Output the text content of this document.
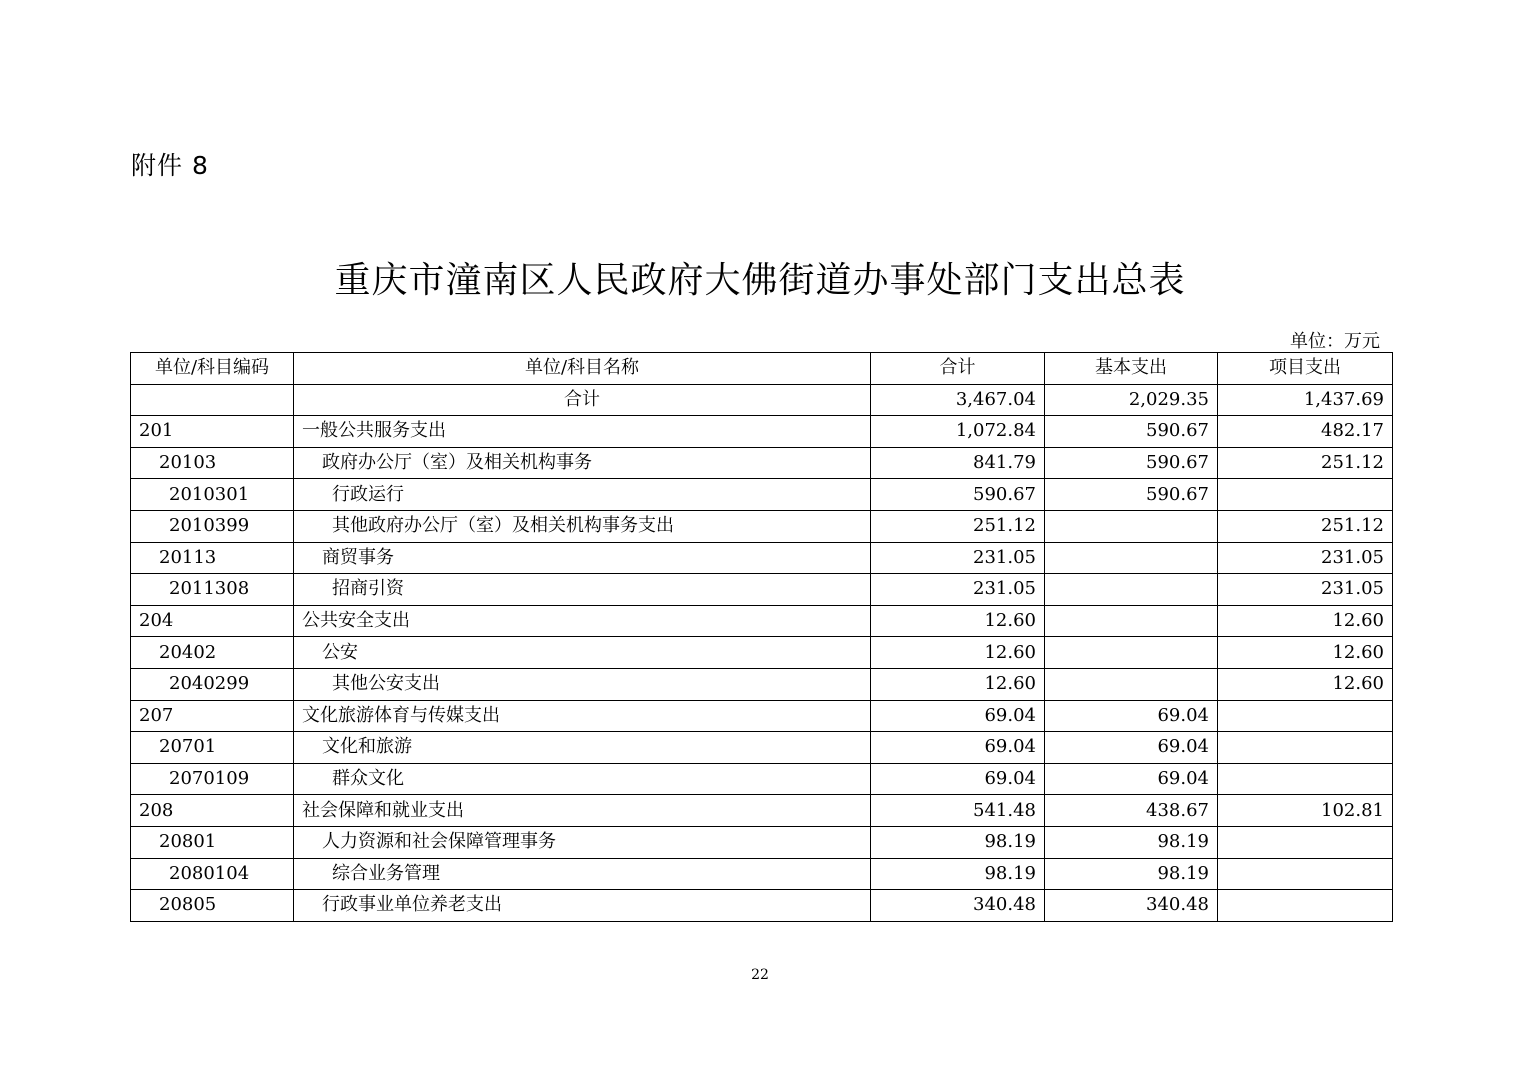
附件 8
重庆市潼南区人民政府大佛街道办事处部门支出总表
单位：万元
单位/科目编码	单位/科目名称	合计	基本支出	项目支出
	合计	3,467.04	2,029.35	1,437.69
201	一般公共服务支出	1,072.84	590.67	482.17
20103	政府办公厅（室）及相关机构事务	841.79	590.67	251.12
2010301	行政运行	590.67	590.67	
2010399	其他政府办公厅（室）及相关机构事务支出	251.12		251.12
20113	商贸事务	231.05		231.05
2011308	招商引资	231.05		231.05
204	公共安全支出	12.60		12.60
20402	公安	12.60		12.60
2040299	其他公安支出	12.60		12.60
207	文化旅游体育与传媒支出	69.04	69.04	
20701	文化和旅游	69.04	69.04	
2070109	群众文化	69.04	69.04	
208	社会保障和就业支出	541.48	438.67	102.81
20801	人力资源和社会保障管理事务	98.19	98.19	
2080104	综合业务管理	98.19	98.19	
20805	行政事业单位养老支出	340.48	340.48	
22
